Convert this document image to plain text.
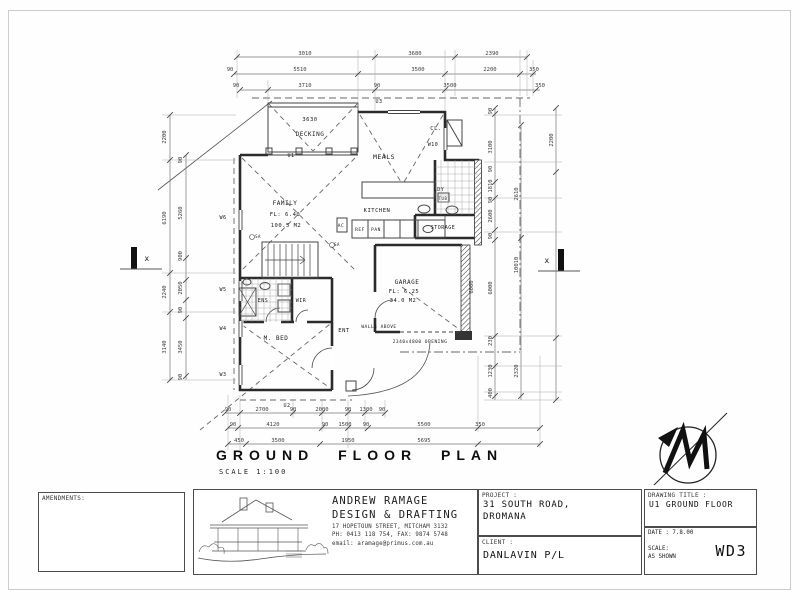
3010	3680	2390
90	5510	3500	2200	350
90	3710	90	3500	350
2200
6190
2240
3140
90
5260
900
2050
90
3450
90
90
3100
90
1810
90
2600
90
6000
230
1230
400
6000
2610
10010
2320
2200
90	2700	90	2000	90 1300 90
90	4120	90 1500 90	5500	350
450	3500	1950	5695
DECKING
3630
U1
U3
MEALS
CL.
W10
FAMILY
FL: 6.40
100.5 M2
KITCHEN
AC
REF PAN
LDY
TUB
STORAGE
GARAGE
FL: 6.25
34.0 M2
WALLS ABOVE
2340x4800 OPENING
M. BED
ENS	WIR
ENT
SA
SA
U2
W6
W5
W4
W3
x	x
GROUND FLOOR PLAN
SCALE 1:100
AMENDMENTS:	ANDREW RAMAGE
DESIGN & DRAFTING
17 HOPETOUN STREET, MITCHAM 3132
PH: 0413 118 754, FAX: 9874 5748
email: aramage@primus.com.au
PROJECT :
31 SOUTH ROAD,
DROMANA
CLIENT :
DANLAVIN P/L
DRAWING TITLE :
U1 GROUND FLOOR
DATE : 7.8.00
SCALE:
AS SHOWN	WD3
